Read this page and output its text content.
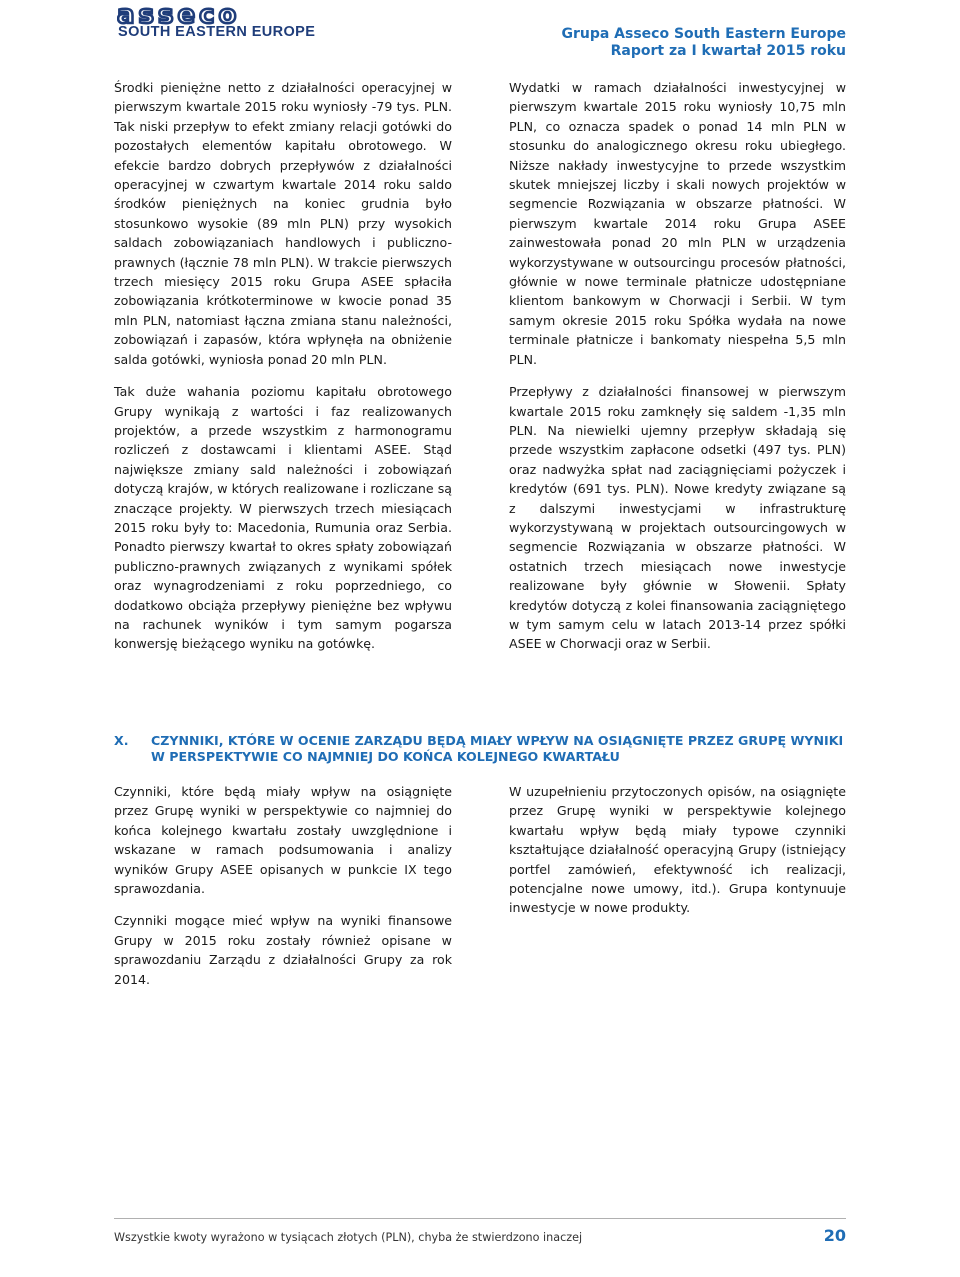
asseco
SOUTH EASTERN EUROPE	Grupa Asseco South Eastern Europe
Raport za I kwartał 2015 roku

Środki pieniężne netto z działalności operacyjnej w pierwszym kwartale 2015 roku wyniosły -79 tys. PLN. Tak niski przepływ to efekt zmiany relacji gotówki do pozostałych elementów kapitału obrotowego. W efekcie bardzo dobrych przepływów z działalności operacyjnej w czwartym kwartale 2014 roku saldo środków pieniężnych na koniec grudnia było stosunkowo wysokie (89 mln PLN) przy wysokich saldach zobowiązaniach handlowych i publiczno-prawnych (łącznie 78 mln PLN). W trakcie pierwszych trzech miesięcy 2015 roku Grupa ASEE spłaciła zobowiązania krótkoterminowe w kwocie ponad 35 mln PLN, natomiast łączna zmiana stanu należności, zobowiązań i zapasów, która wpłynęła na obniżenie salda gotówki, wyniosła ponad 20 mln PLN.

Tak duże wahania poziomu kapitału obrotowego Grupy wynikają z wartości i faz realizowanych projektów, a przede wszystkim z harmonogramu rozliczeń z dostawcami i klientami ASEE. Stąd największe zmiany sald należności i zobowiązań dotyczą krajów, w których realizowane i rozliczane są znaczące projekty. W pierwszych trzech miesiącach 2015 roku były to: Macedonia, Rumunia oraz Serbia. Ponadto pierwszy kwartał to okres spłaty zobowiązań publiczno-prawnych związanych z wynikami spółek oraz wynagrodzeniami z roku poprzedniego, co dodatkowo obciąża przepływy pieniężne bez wpływu na rachunek wyników i tym samym pogarsza konwersję bieżącego wyniku na gotówkę.

Wydatki w ramach działalności inwestycyjnej w pierwszym kwartale 2015 roku wyniosły 10,75 mln PLN, co oznacza spadek o ponad 14 mln PLN w stosunku do analogicznego okresu roku ubiegłego. Niższe nakłady inwestycyjne to przede wszystkim skutek mniejszej liczby i skali nowych projektów w segmencie Rozwiązania w obszarze płatności. W pierwszym kwartale 2014 roku Grupa ASEE zainwestowała ponad 20 mln PLN w urządzenia wykorzystywane w outsourcingu procesów płatności, głównie w nowe terminale płatnicze udostępniane klientom bankowym w Chorwacji i Serbii. W tym samym okresie 2015 roku Spółka wydała na nowe terminale płatnicze i bankomaty niespełna 5,5 mln PLN.

Przepływy z działalności finansowej w pierwszym kwartale 2015 roku zamknęły się saldem -1,35 mln PLN. Na niewielki ujemny przepływ składają się przede wszystkim zapłacone odsetki (497 tys. PLN) oraz nadwyżka spłat nad zaciągnięciami pożyczek i kredytów (691 tys. PLN). Nowe kredyty związane są z dalszymi inwestycjami w infrastrukturę wykorzystywaną w projektach outsourcingowych w segmencie Rozwiązania w obszarze płatności. W ostatnich trzech miesiącach nowe inwestycje realizowane były głównie w Słowenii. Spłaty kredytów dotyczą z kolei finansowania zaciągniętego w tym samym celu w latach 2013-14 przez spółki ASEE w Chorwacji oraz w Serbii.

X. CZYNNIKI, KTÓRE W OCENIE ZARZĄDU BĘDĄ MIAŁY WPŁYW NA OSIĄGNIĘTE PRZEZ GRUPĘ WYNIKI W PERSPEKTYWIE CO NAJMNIEJ DO KOŃCA KOLEJNEGO KWARTAŁU

Czynniki, które będą miały wpływ na osiągnięte przez Grupę wyniki w perspektywie co najmniej do końca kolejnego kwartału zostały uwzględnione i wskazane w ramach podsumowania i analizy wyników Grupy ASEE opisanych w punkcie IX tego sprawozdania.

Czynniki mogące mieć wpływ na wyniki finansowe Grupy w 2015 roku zostały również opisane w sprawozdaniu Zarządu z działalności Grupy za rok 2014.

W uzupełnieniu przytoczonych opisów, na osiągnięte przez Grupę wyniki w perspektywie kolejnego kwartału wpływ będą miały typowe czynniki kształtujące działalność operacyjną Grupy (istniejący portfel zamówień, efektywność ich realizacji, potencjalne nowe umowy, itd.). Grupa kontynuuje inwestycje w nowe produkty.

Wszystkie kwoty wyrażono w tysiącach złotych (PLN), chyba że stwierdzono inaczej	20
